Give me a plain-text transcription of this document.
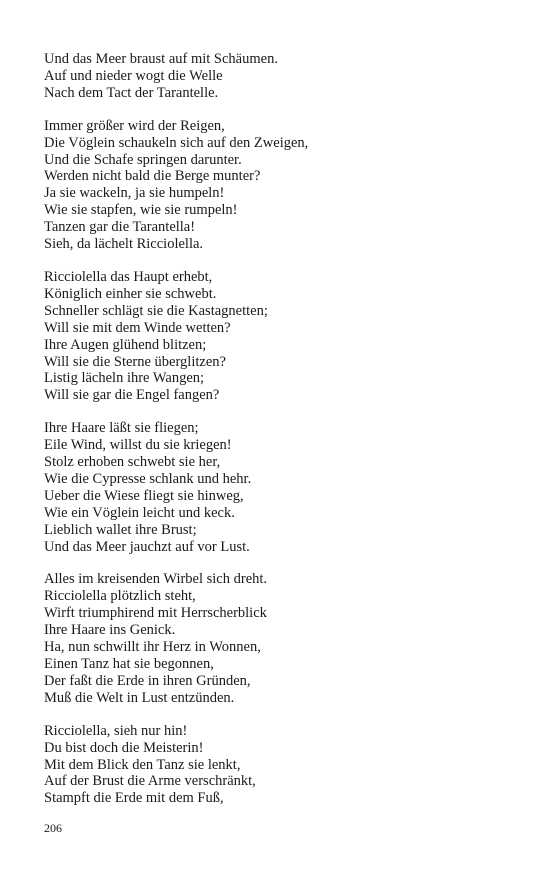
Und das Meer braust auf mit Schäumen.
Auf und nieder wogt die Welle
Nach dem Tact der Tarantelle.
Immer größer wird der Reigen,
Die Vöglein schaukeln sich auf den Zweigen,
Und die Schafe springen darunter.
Werden nicht bald die Berge munter?
Ja sie wackeln, ja sie humpeln!
Wie sie stapfen, wie sie rumpeln!
Tanzen gar die Tarantella!
Sieh, da lächelt Ricciolella.
Ricciolella das Haupt erhebt,
Königlich einher sie schwebt.
Schneller schlägt sie die Kastagnetten;
Will sie mit dem Winde wetten?
Ihre Augen glühend blitzen;
Will sie die Sterne überglitzen?
Listig lächeln ihre Wangen;
Will sie gar die Engel fangen?
Ihre Haare läßt sie fliegen;
Eile Wind, willst du sie kriegen!
Stolz erhoben schwebt sie her,
Wie die Cypresse schlank und hehr.
Ueber die Wiese fliegt sie hinweg,
Wie ein Vöglein leicht und keck.
Lieblich wallet ihre Brust;
Und das Meer jauchzt auf vor Lust.
Alles im kreisenden Wirbel sich dreht.
Ricciolella plötzlich steht,
Wirft triumphirend mit Herrscherblick
Ihre Haare ins Genick.
Ha, nun schwillt ihr Herz in Wonnen,
Einen Tanz hat sie begonnen,
Der faßt die Erde in ihren Gründen,
Muß die Welt in Lust entzünden.
Ricciolella, sieh nur hin!
Du bist doch die Meisterin!
Mit dem Blick den Tanz sie lenkt,
Auf der Brust die Arme verschränkt,
Stampft die Erde mit dem Fuß,
206
